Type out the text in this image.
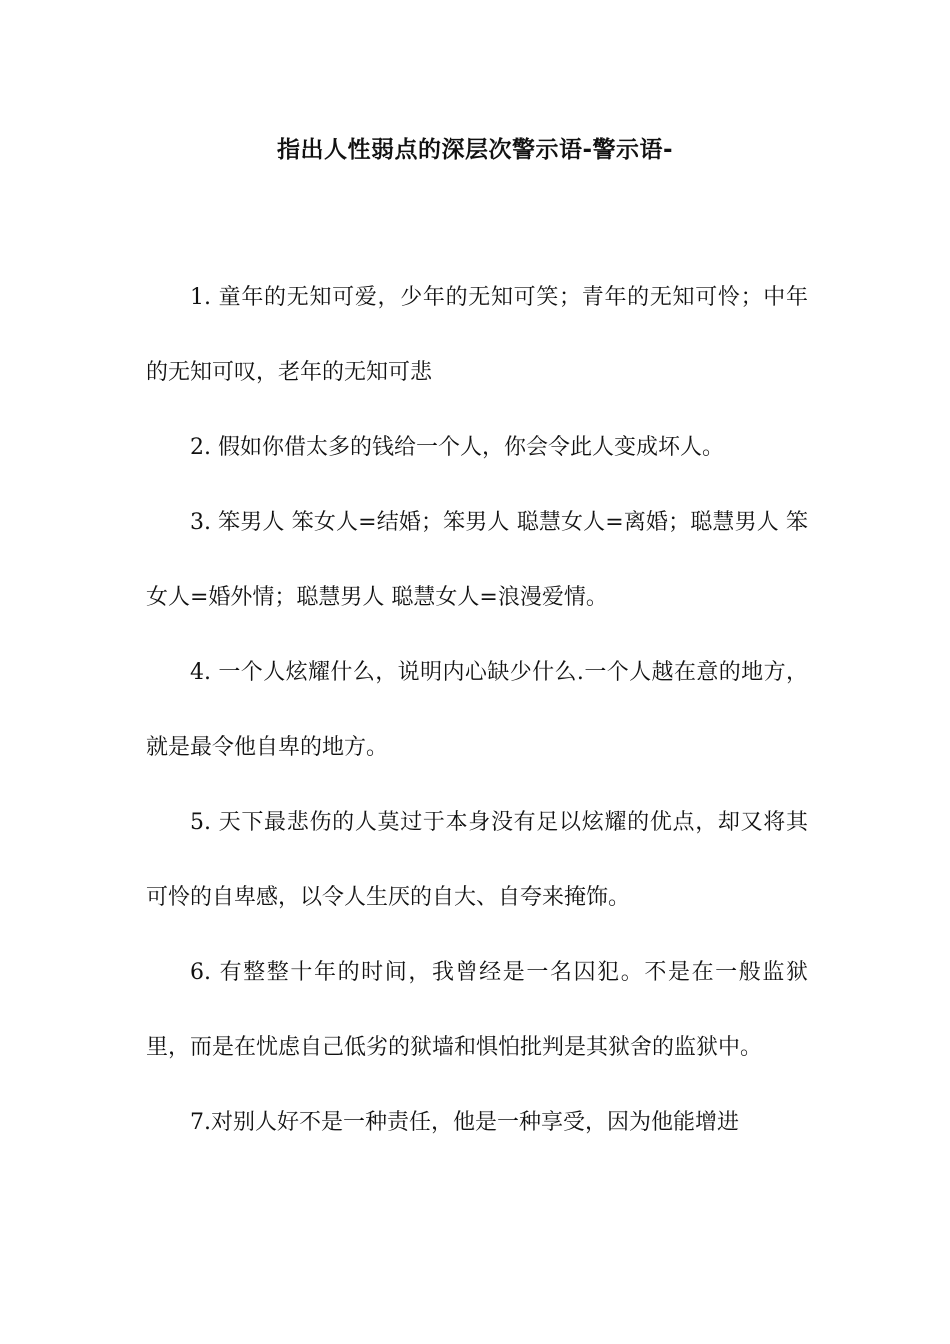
指出人性弱点的深层次警示语-警示语-

1. 童年的无知可爱，少年的无知可笑；青年的无知可怜；中年的无知可叹，老年的无知可悲

2. 假如你借太多的钱给一个人，你会令此人变成坏人。

3. 笨男人 笨女人=结婚；笨男人 聪慧女人=离婚；聪慧男人 笨女人=婚外情；聪慧男人 聪慧女人=浪漫爱情。

4. 一个人炫耀什么，说明内心缺少什么.一个人越在意的地方，就是最令他自卑的地方。

5. 天下最悲伤的人莫过于本身没有足以炫耀的优点，却又将其可怜的自卑感，以令人生厌的自大、自夸来掩饰。

6. 有整整十年的时间，我曾经是一名囚犯。不是在一般监狱里，而是在忧虑自己低劣的狱墙和惧怕批判是其狱舍的监狱中。

7.对别人好不是一种责任，他是一种享受，因为他能增进
